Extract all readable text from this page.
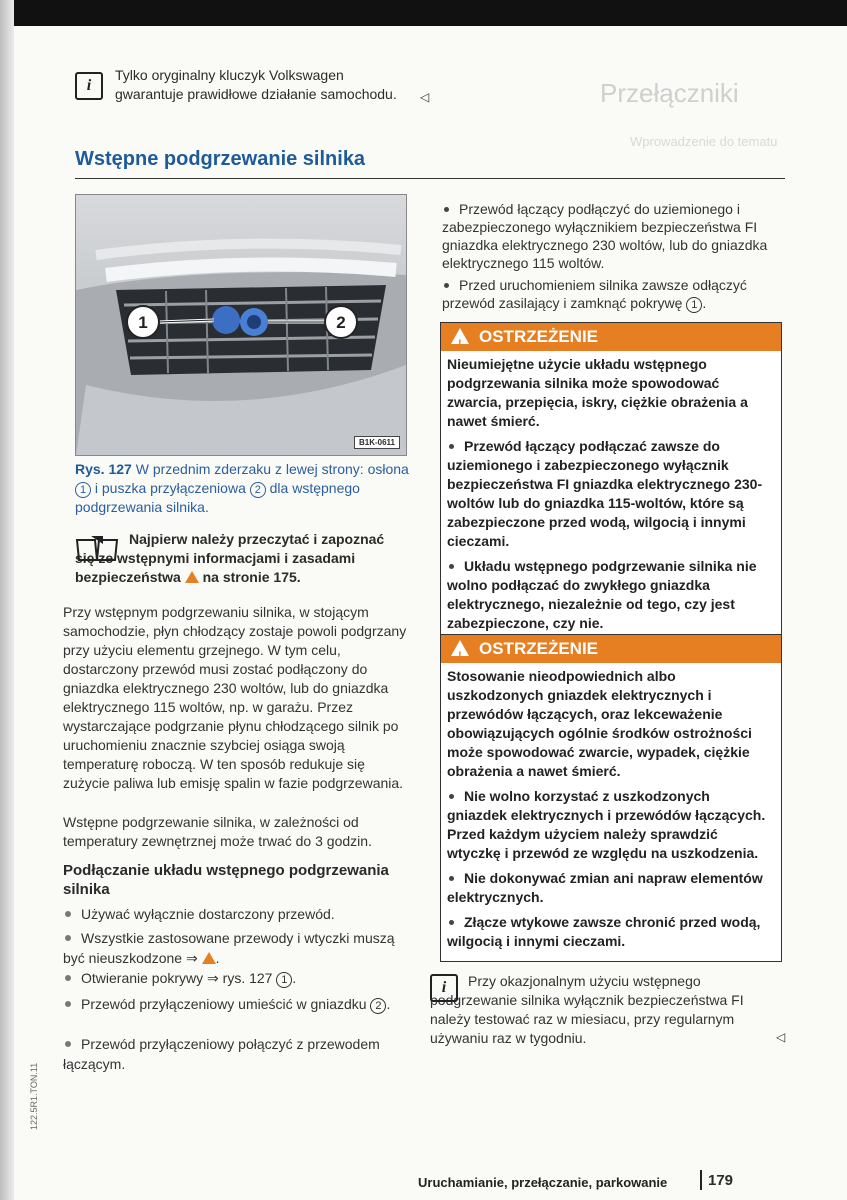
Przełączniki
Wprowadzenie do tematu
i

Tylko oryginalny kluczyk Volkswagen gwarantuje prawidłowe działanie samochodu.	◁
Wstępne podgrzewanie silnika
1	2
B1K-0611
Rys. 127 W przednim zderzaku z lewej strony: osłona 1 i puszka przyłączeniowa 2 dla wstępnego podgrzewania silnika.

Najpierw należy przeczytać i zapoznać się ze wstępnymi informacjami i zasadami bezpieczeństwa na stronie 175.

Przy wstępnym podgrzewaniu silnika, w stojącym samochodzie, płyn chłodzący zostaje powoli podgrzany przy użyciu elementu grzejnego. W tym celu, dostarczony przewód musi zostać podłączony do gniazdka elektrycznego 230 woltów, lub do gniazdka elektrycznego 115 woltów, np. w garażu. Przez wystarczające podgrzanie płynu chłodzącego silnik po uruchomieniu znacznie szybciej osiąga swoją temperaturę roboczą. W ten sposób redukuje się zużycie paliwa lub emisję spalin w fazie podgrzewania.

Wstępne podgrzewanie silnika, w zależności od temperatury zewnętrznej może trwać do 3 godzin.

Podłączanie układu wstępnego podgrzewania silnika

Używać wyłącznie dostarczony przewód.

Wszystkie zastosowane przewody i wtyczki muszą być nieuszkodzone ⇒ .

Otwieranie pokrywy ⇒ rys. 127 1 .

Przewód przyłączeniowy umieścić w gniazdku 2 .

Przewód przyłączeniowy połączyć z przewodem łączącym.

Przewód łączący podłączyć do uziemionego i zabezpieczonego wyłącznikiem bezpieczeństwa FI gniazdka elektrycznego 230 woltów, lub do gniazdka elektrycznego 115 woltów.

Przed uruchomieniem silnika zawsze odłączyć przewód zasilający i zamknąć pokrywę 1 .

!OSTRZEŻENIE

Nieumiejętne użycie układu wstępnego podgrzewania silnika może spowodować zwarcia, przepięcia, iskry, ciężkie obrażenia a nawet śmierć.

Przewód łączący podłączać zawsze do uziemionego i zabezpieczonego wyłącznik bezpieczeństwa FI gniazdka elektrycznego 230-woltów lub do gniazdka 115-woltów, które są zabezpieczone przed wodą, wilgocią i innymi cieczami.

Układu wstępnego podgrzewanie silnika nie wolno podłączać do zwykłego gniazdka elektrycznego, niezależnie od tego, czy jest zabezpieczone, czy nie.

!OSTRZEŻENIE

Stosowanie nieodpowiednich albo uszkodzonych gniazdek elektrycznych i przewódów łączących, oraz lekceważenie obowiązujących ogólnie środków ostrożności może spowodować zwarcie, wypadek, ciężkie obrażenia a nawet śmierć.

Nie wolno korzystać z uszkodzonych gniazdek elektrycznych i przewódów łączących. Przed każdym użyciem należy sprawdzić wtyczkę i przewód ze względu na uszkodzenia.

Nie dokonywać zmian ani napraw elementów elektrycznych.

Złącze wtykowe zawsze chronić przed wodą, wilgocią i innymi cieczami.

i	Przy okazjonalnym użyciu wstępnego podgrzewanie silnika wyłącznik bezpieczeństwa FI należy testować raz w miesiacu, przy regularnym używaniu raz w tygodniu.	◁
Uruchamianie, przełączanie, parkowanie	179
122.5R1.TON.11
